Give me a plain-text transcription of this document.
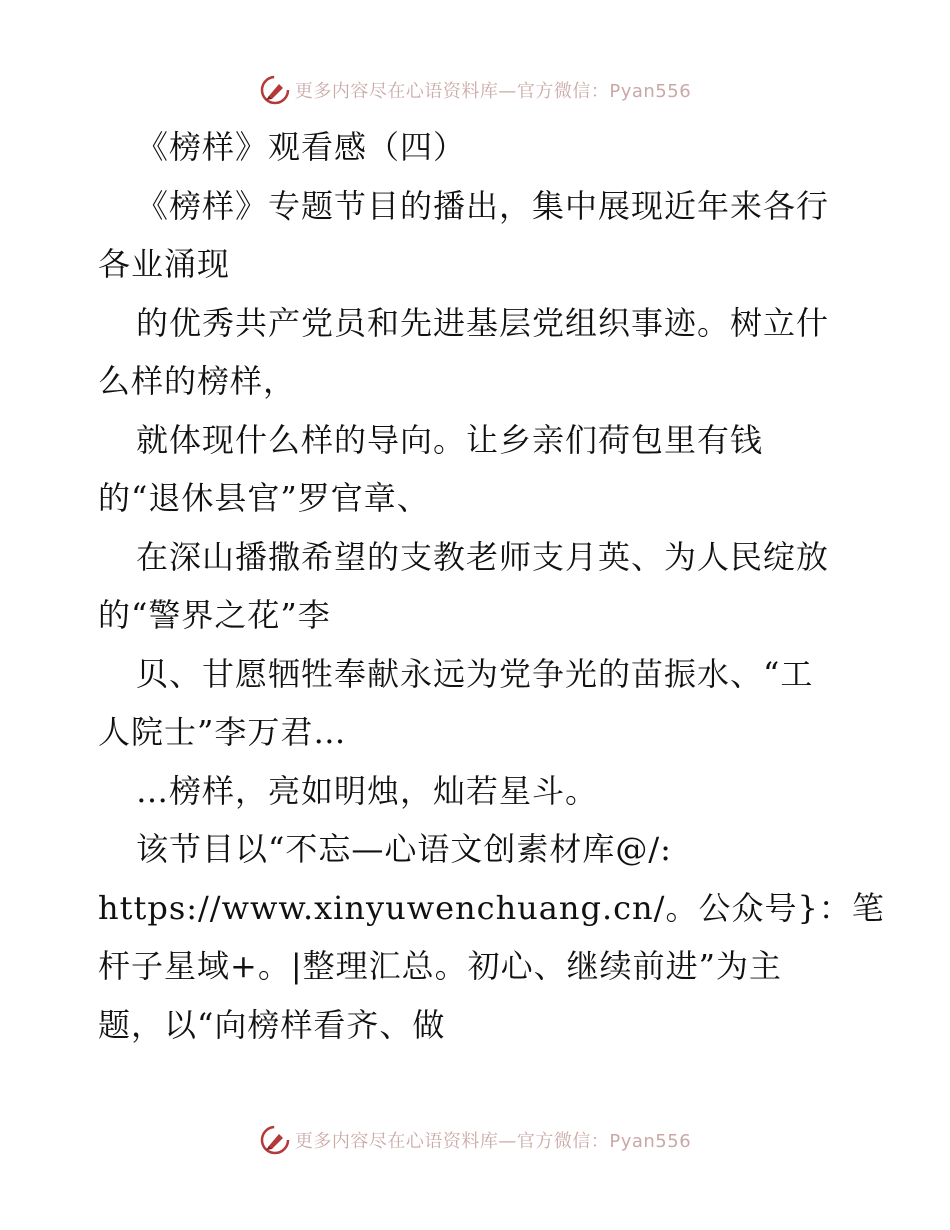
更多内容尽在心语资料库—官方微信：Pyan556
《榜样》观看感（四）
《榜样》专题节目的播出，集中展现近年来各行
各业涌现
的优秀共产党员和先进基层党组织事迹。树立什
么样的榜样，
就体现什么样的导向。让乡亲们荷包里有钱
的“退休县官”罗官章、
在深山播撒希望的支教老师支月英、为人民绽放
的“警界之花”李
贝、甘愿牺牲奉献永远为党争光的苗振水、“工
人院士”李万君…
…榜样，亮如明烛，灿若星斗。
该节目以“不忘—心语文创素材库@/:
https://www.xinyuwenchuang.cn/。公众号}：笔
杆子星域+。|整理汇总。初心、继续前进”为主
题，以“向榜样看齐、做
更多内容尽在心语资料库—官方微信：Pyan556
